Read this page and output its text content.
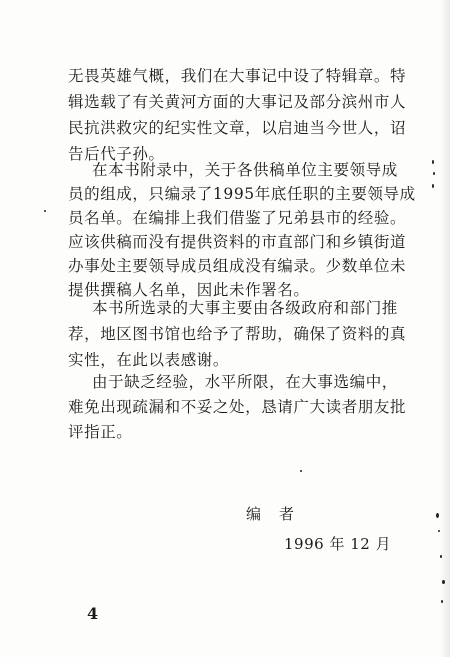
无畏英雄气概，我们在大事记中设了特辑章。特
辑选载了有关黄河方面的大事记及部分滨州市人
民抗洪救灾的纪实性文章，以启迪当今世人，诏
告后代子孙。
在本书附录中，关于各供稿单位主要领导成
员的组成，只编录了1995年底任职的主要领导成
员名单。在编排上我们借鉴了兄弟县市的经验。
应该供稿而没有提供资料的市直部门和乡镇街道
办事处主要领导成员组成没有编录。少数单位未
提供撰稿人名单，因此未作署名。
本书所选录的大事主要由各级政府和部门推
荐，地区图书馆也给予了帮助，确保了资料的真
实性，在此以表感谢。
由于缺乏经验，水平所限，在大事选编中，
难免出现疏漏和不妥之处，恳请广大读者朋友批
评指正。
编者
1996 年 12 月
4
